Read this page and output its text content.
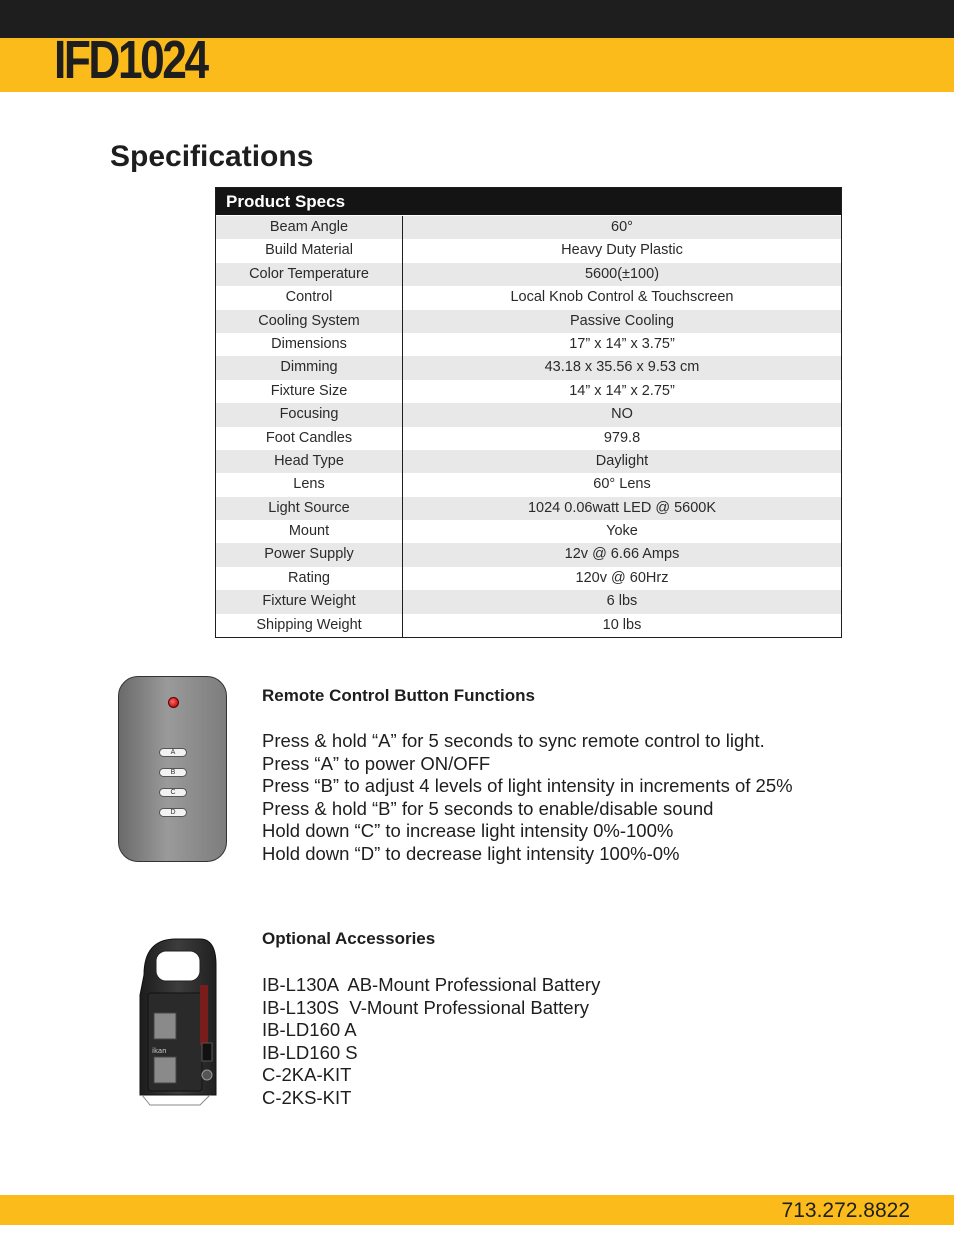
IFD1024
Specifications
Product Specs
Beam Angle	60°
Build Material	Heavy Duty Plastic
Color Temperature	5600(±100)
Control	Local Knob Control & Touchscreen
Cooling System	Passive Cooling
Dimensions	17” x 14” x 3.75”
Dimming	43.18 x 35.56 x 9.53 cm
Fixture Size	14” x 14” x 2.75”
Focusing	NO
Foot Candles	979.8
Head Type	Daylight
Lens	60° Lens
Light Source	1024 0.06watt LED @ 5600K
Mount	Yoke
Power Supply	12v @ 6.66 Amps
Rating	120v @ 60Hrz
Fixture Weight	6 lbs
Shipping Weight	10 lbs
A
B
C
D
Remote Control Button Functions
Press & hold “A” for 5 seconds to sync remote control to light.
Press “A” to power ON/OFF
Press “B” to adjust 4 levels of light intensity in increments of 25%
Press & hold “B” for 5 seconds to enable/disable sound
Hold down “C” to increase light intensity 0%-100%
Hold down “D” to decrease light intensity 100%-0%
ikan
Optional Accessories
IB-L130A  AB-Mount Professional Battery
IB-L130S  V-Mount Professional Battery
IB-LD160 A
IB-LD160 S
C-2KA-KIT
C-2KS-KIT
713.272.8822
